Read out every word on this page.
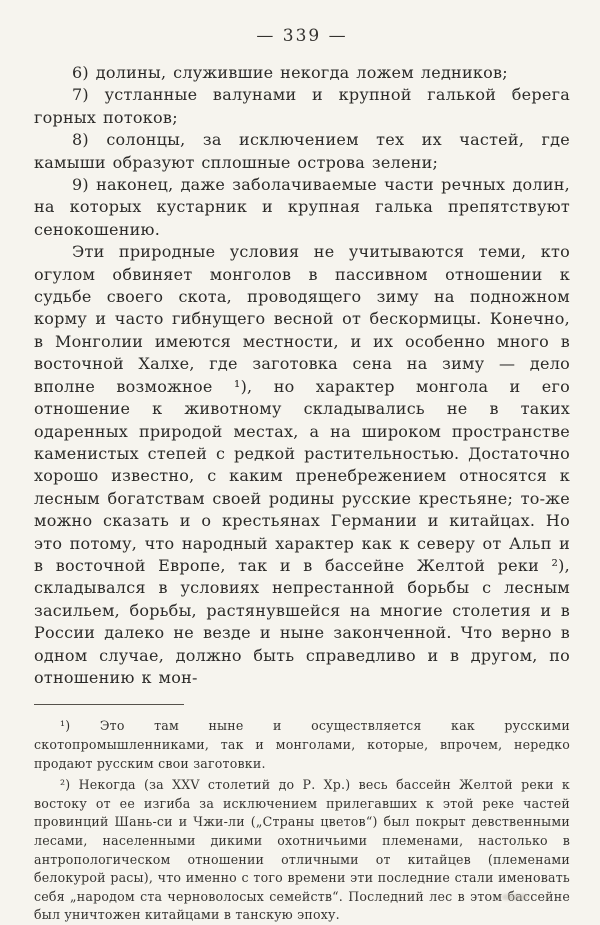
— 339 —

6) долины, служившие некогда ложем ледников;

7) устланные валунами и крупной галькой берега горных потоков;

8) солонцы, за исключением тех их частей, где камыши образуют сплошные острова зелени;

9) наконец, даже заболачиваемые части речных долин, на которых кустарник и крупная галька препятствуют сенокошению.

Эти природные условия не учитываются теми, кто огулом обвиняет монголов в пассивном отношении к судьбе своего скота, проводящего зиму на подножном корму и часто гибнущего весной от бескормицы. Конечно, в Монголии имеются местности, и их особенно много в восточной Халхе, где заготовка сена на зиму — дело вполне возможное ¹), но характер монгола и его отношение к животному складывались не в таких одаренных природой местах, а на широком пространстве каменистых степей с редкой растительностью. Достаточно хорошо известно, с каким пренебрежением относятся к лесным богатствам своей родины русские крестьяне; то-же можно сказать и о крестьянах Германии и китайцах. Но это потому, что народный характер как к северу от Альп и в восточной Европе, так и в бассейне Желтой реки ²), складывался в условиях непрестанной борьбы с лесным засильем, борьбы, растянувшейся на многие столетия и в России далеко не везде и ныне законченной. Что верно в одном случае, должно быть справедливо и в другом, по отношению к мон-

¹) Это там ныне и осуществляется как русскими скотопромышленниками, так и монголами, которые, впрочем, нередко продают русским свои заготовки.

²) Некогда (за XXV столетий до Р. Хр.) весь бассейн Желтой реки к востоку от ее изгиба за исключением прилегавших к этой реке частей провинций Шань-си и Чжи-ли („Страны цветов“) был покрыт девственными лесами, населенными дикими охотничьими племенами, настолько в антропологическом отношении отличными от китайцев (племенами белокурой расы), что именно с того времени эти последние стали именовать себя „народом ста черноволосых семейств“. Последний лес в этом бассейне был уничтожен китайцами в танскую эпоху.
